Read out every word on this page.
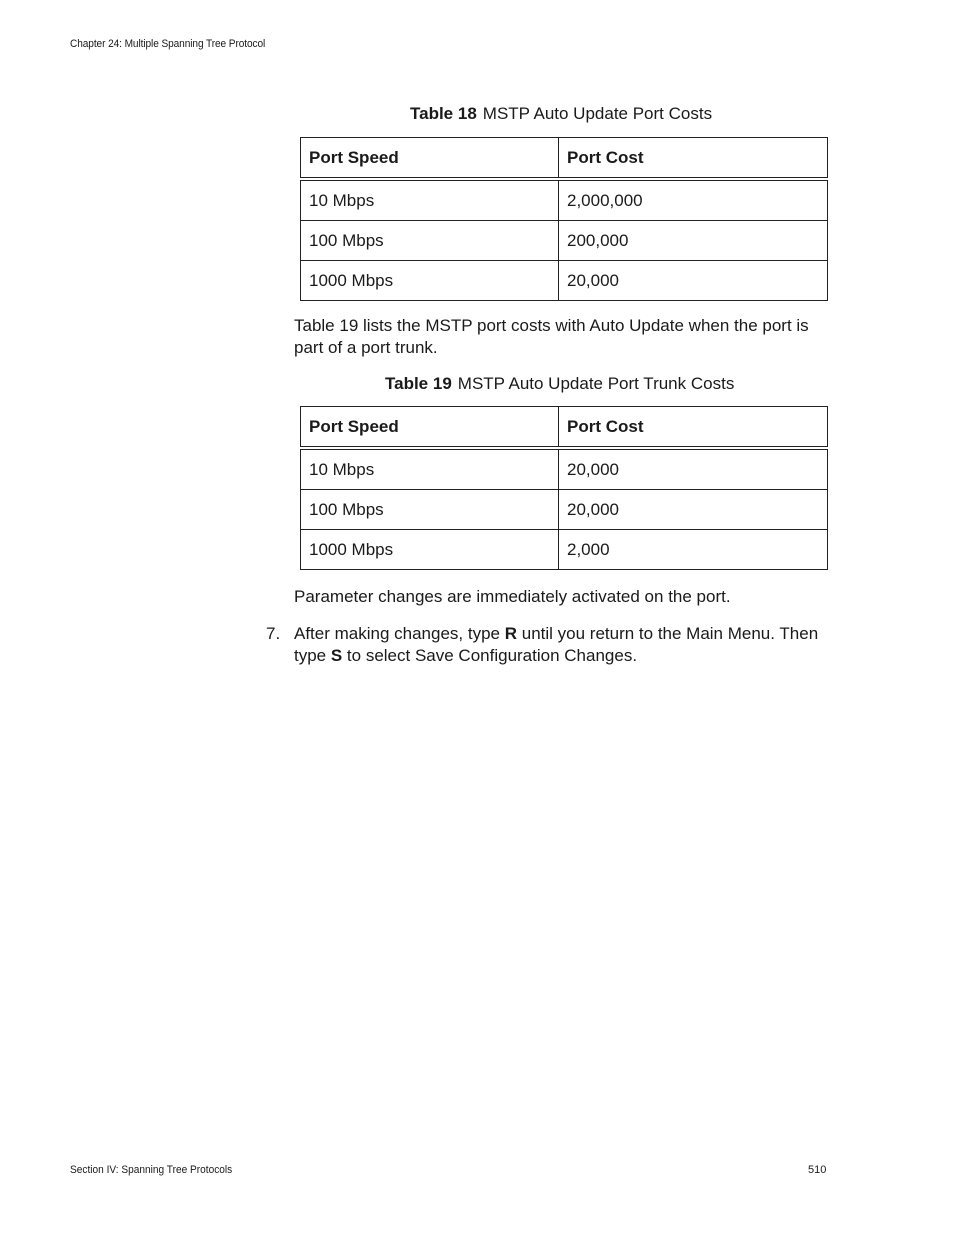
Chapter 24: Multiple Spanning Tree Protocol
Table 18 MSTP Auto Update Port Costs
Port Speed	Port Cost
10 Mbps	2,000,000
100 Mbps	200,000
1000 Mbps	20,000
Table 19 lists the MSTP port costs with Auto Update when the port is part of a port trunk.
Table 19 MSTP Auto Update Port Trunk Costs
Port Speed	Port Cost
10 Mbps	20,000
100 Mbps	20,000
1000 Mbps	2,000
Parameter changes are immediately activated on the port.
7. After making changes, type R until you return to the Main Menu. Then type S to select Save Configuration Changes.
Section IV: Spanning Tree Protocols	510
